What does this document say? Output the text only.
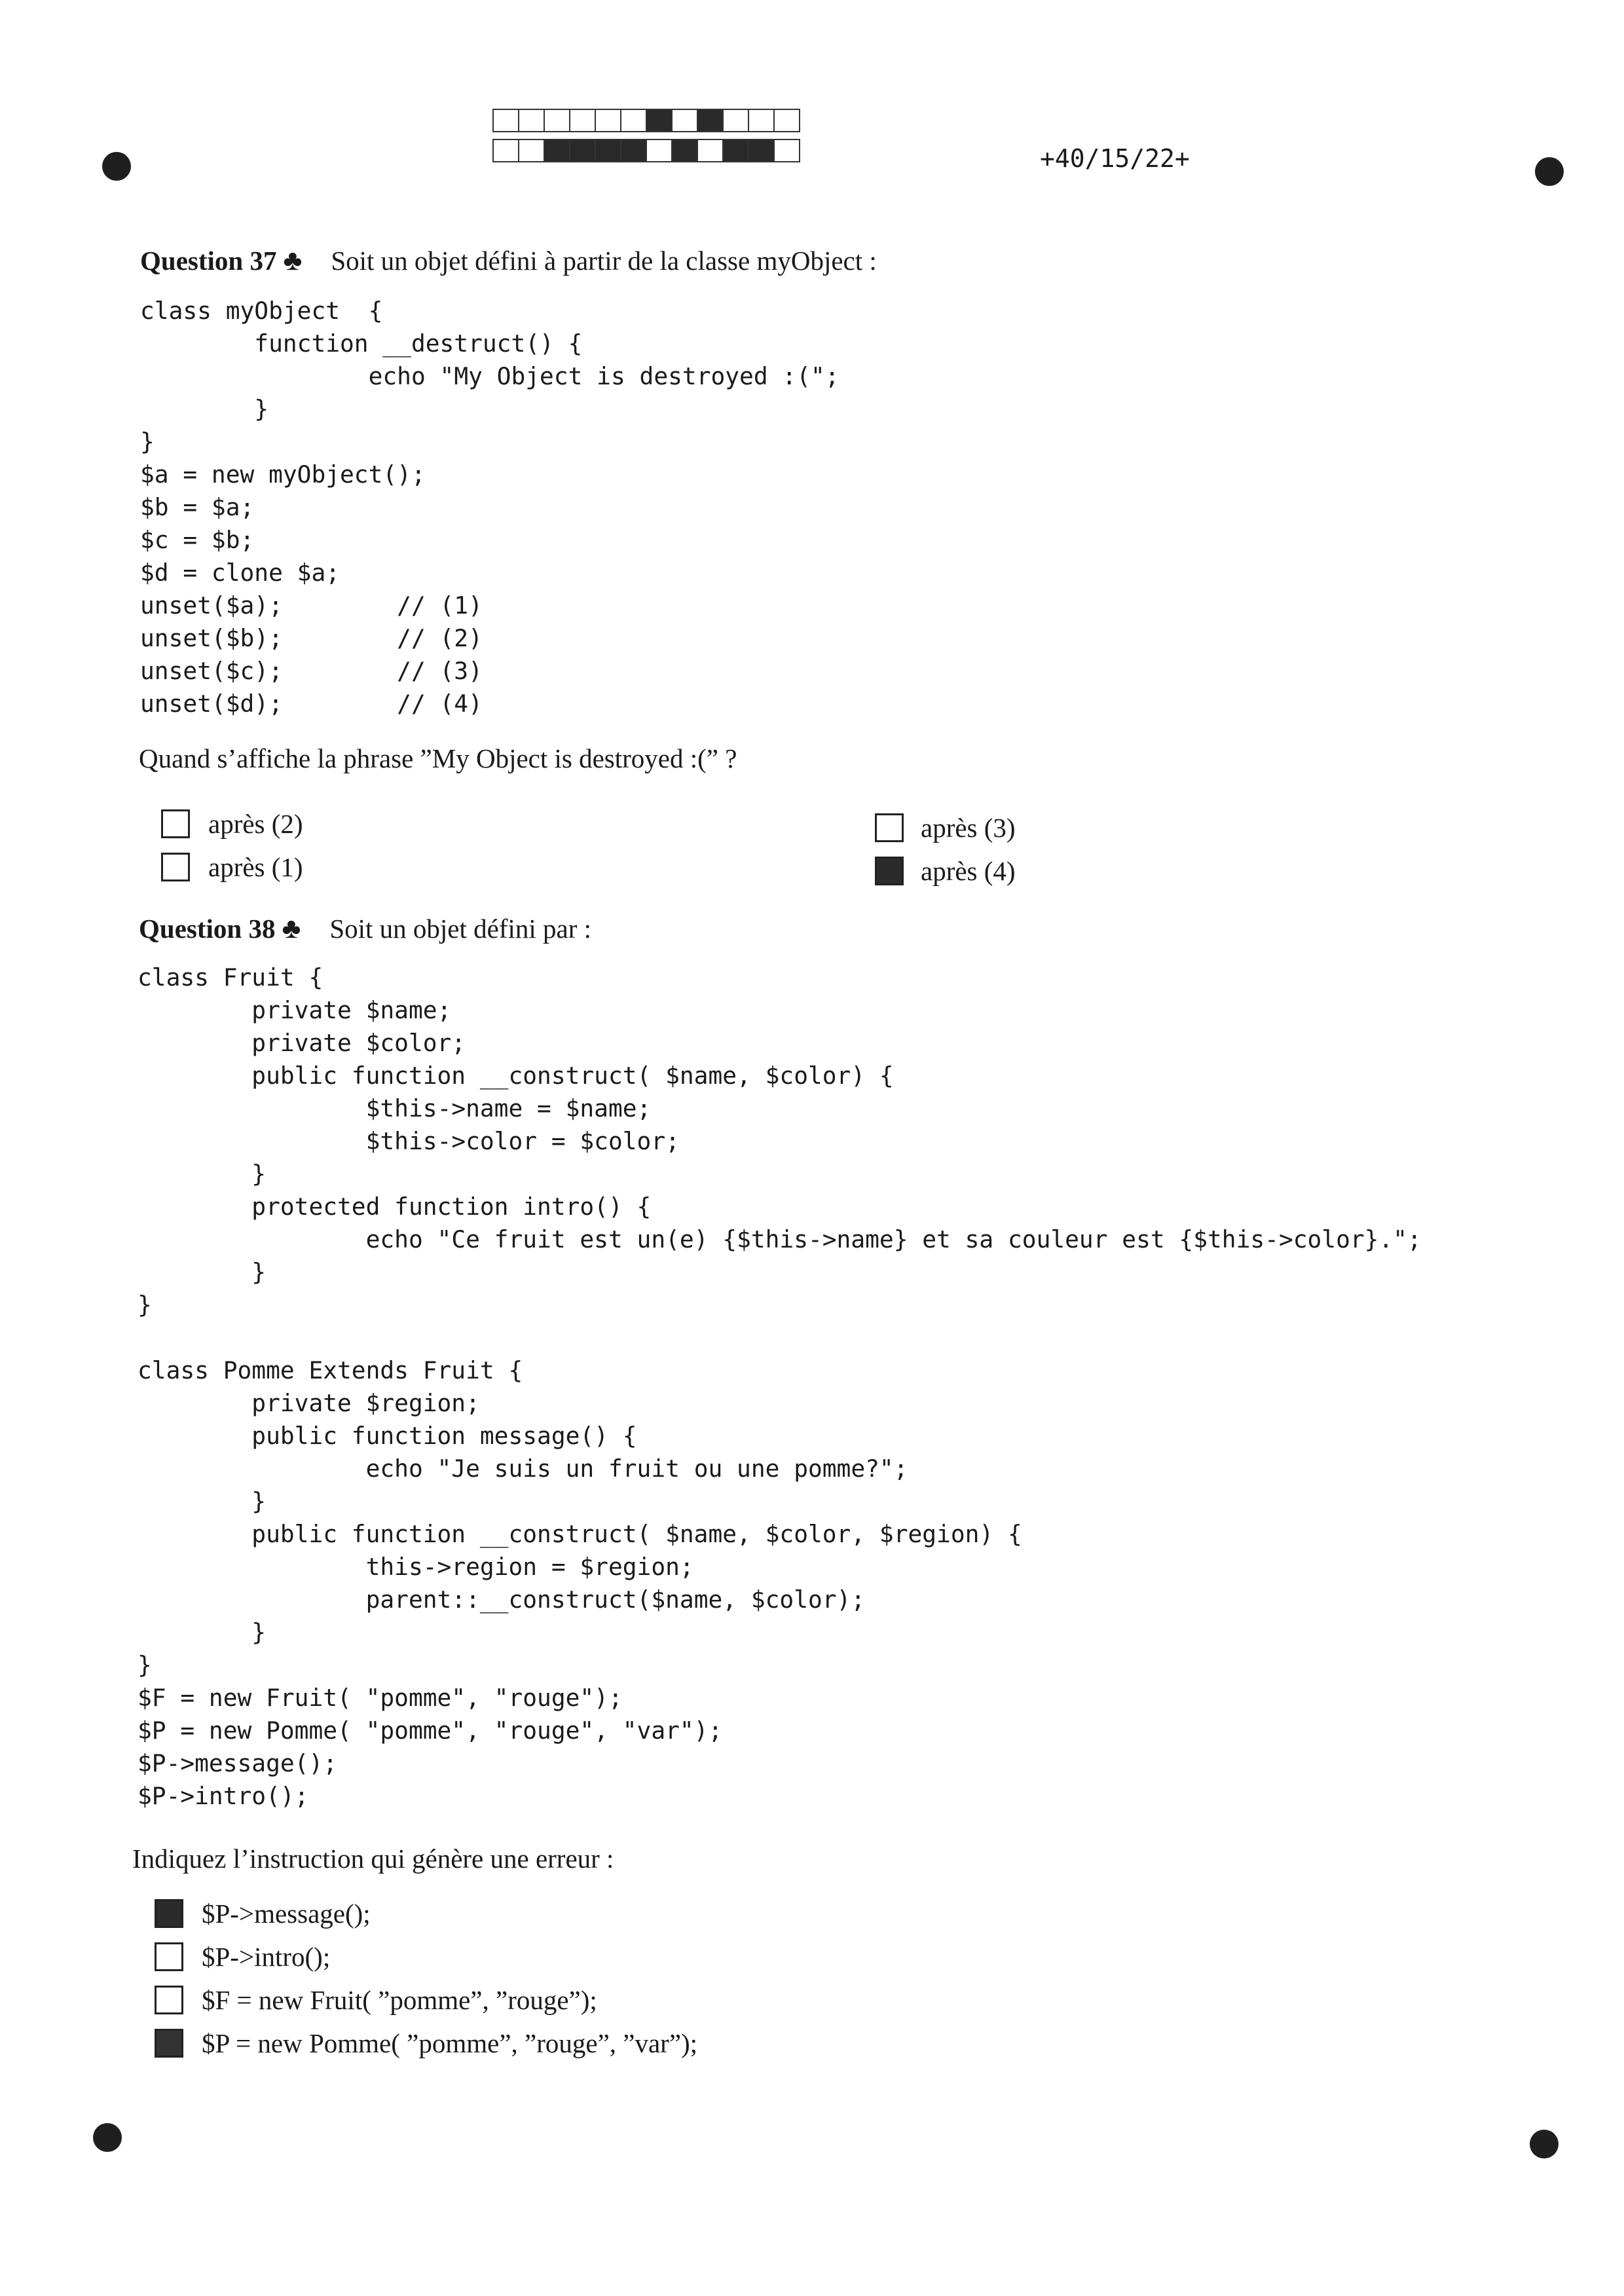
+40/15/22+
Question 37 ♣ Soit un objet défini à partir de la classe myObject :
class myObject  {
	function __destruct() {
		echo "My Object is destroyed :(";
	}
}
$a = new myObject();
$b = $a;
$c = $b;
$d = clone $a;
unset($a);        // (1)
unset($b);        // (2)
unset($c);        // (3)
unset($d);        // (4)
Quand s’affiche la phrase ”My Object is destroyed :(” ?
après (2)
après (1)
après (3)
après (4)
Question 38 ♣ Soit un objet défini par :
class Fruit {
	private $name;
	private $color;
	public function __construct( $name, $color) {
		$this->name = $name;
		$this->color = $color;
	}
	protected function intro() {
		echo "Ce fruit est un(e) {$this->name} et sa couleur est {$this->color}.";
	}
}

class Pomme Extends Fruit {
	private $region;
	public function message() {
		echo "Je suis un fruit ou une pomme?";
	}
	public function __construct( $name, $color, $region) {
		this->region = $region;
		parent::__construct($name, $color);
	}
}
$F = new Fruit( "pomme", "rouge");
$P = new Pomme( "pomme", "rouge", "var");
$P->message();
$P->intro();
Indiquez l’instruction qui génère une erreur :
$P->message();
$P->intro();
$F = new Fruit( ”pomme”, ”rouge”);
$P = new Pomme( ”pomme”, ”rouge”, ”var”);
